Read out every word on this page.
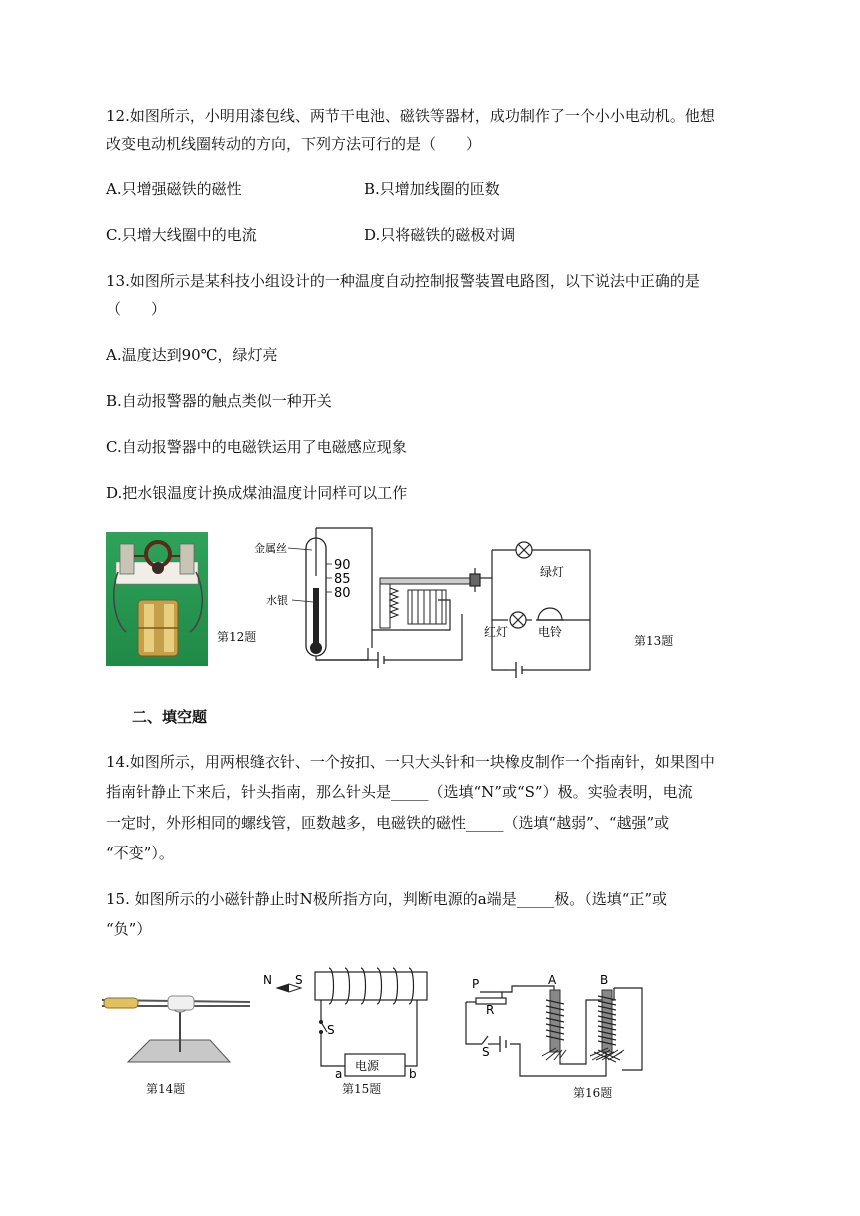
12.如图所示，小明用漆包线、两节干电池、磁铁等器材，成功制作了一个小小电动机。他想
改变电动机线圈转动的方向，下列方法可行的是（　　）
A.只增强磁铁的磁性	B.只增加线圈的匝数
C.只增大线圈中的电流	D.只将磁铁的磁极对调
13.如图所示是某科技小组设计的一种温度自动控制报警装置电路图，以下说法中正确的是
（　　）
A.温度达到90℃，绿灯亮
B.自动报警器的触点类似一种开关
C.自动报警器中的电磁铁运用了电磁感应现象
D.把水银温度计换成煤油温度计同样可以工作
第12题
90
85
80
金属丝
水银
绿灯
红灯 电铃
第13题
二、填空题
14.如图所示，用两根缝衣针、一个按扣、一只大头针和一块橡皮制作一个指南针，如果图中
指南针静止下来后，针头指南，那么针头是_____（选填“N”或“S”）极。实验表明，电流
一定时，外形相同的螺线管，匝数越多，电磁铁的磁性_____（选填“越弱”、“越强”或
“不变”）。
15. 如图所示的小磁针静止时N极所指方向，判断电源的a端是_____极。（选填“正”或
“负”）
第14题
N S
S
电源
a	b
第15题
P
R
A	B
S
第16题
